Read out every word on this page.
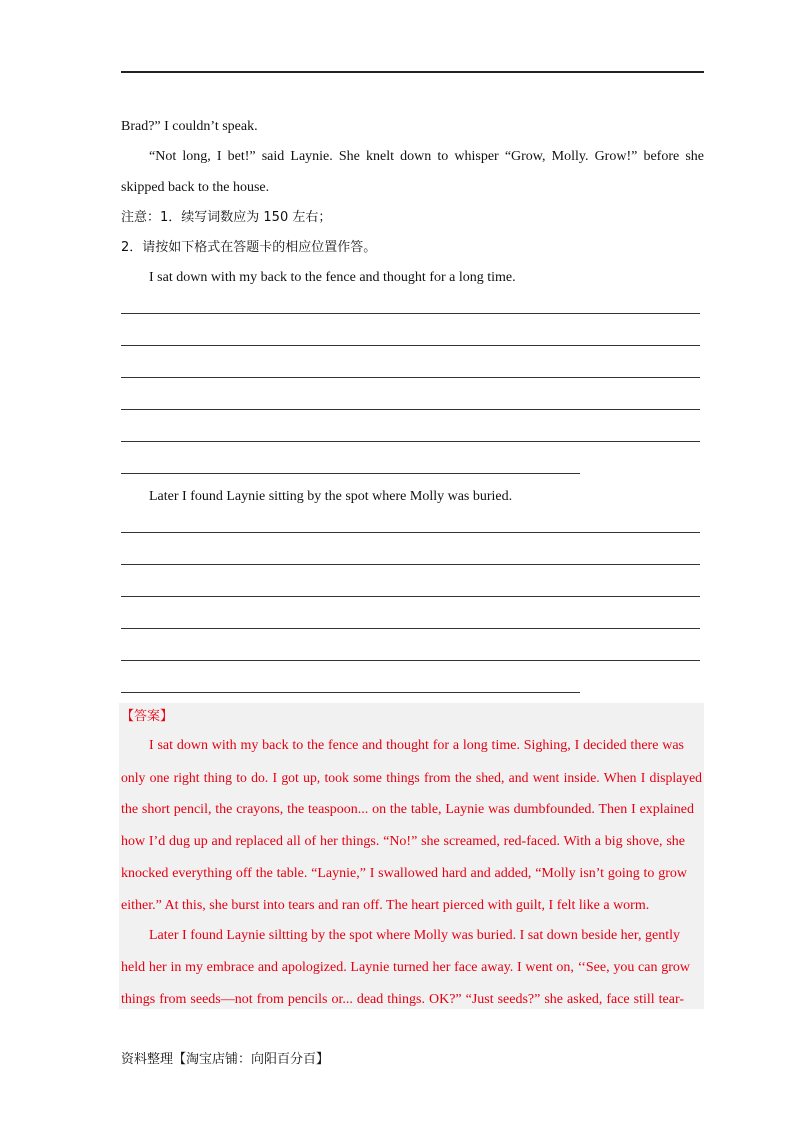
Brad?” I couldn’t speak.
“Not long, I bet!” said Laynie. She knelt down to whisper “Grow, Molly. Grow!” before she
skipped back to the house.
注意：1．续写词数应为 150 左右；
2．请按如下格式在答题卡的相应位置作答。
I sat down with my back to the fence and thought for a long time.
Later I found Laynie sitting by the spot where Molly was buried.
【答案】
I sat down with my back to the fence and thought for a long time. Sighing, I decided there was
only one right thing to do. I got up, took some things from the shed, and went inside. When I displayed
the short pencil, the crayons, the teaspoon... on the table, Laynie was dumbfounded. Then I explained
how I’d dug up and replaced all of her things. “No!” she screamed, red-faced. With a big shove, she
knocked everything off the table. “Laynie,” I swallowed hard and added, “Molly isn’t going to grow
either.” At this, she burst into tears and ran off. The heart pierced with guilt, I felt like a worm.
Later I found Laynie siltting by the spot where Molly was buried. I sat down beside her, gently
held her in my embrace and apologized. Laynie turned her face away. I went on, ‘‘See, you can grow
things from seeds—not from pencils or... dead things. OK?” “Just seeds?” she asked, face still tear-
资料整理【淘宝店铺：向阳百分百】
